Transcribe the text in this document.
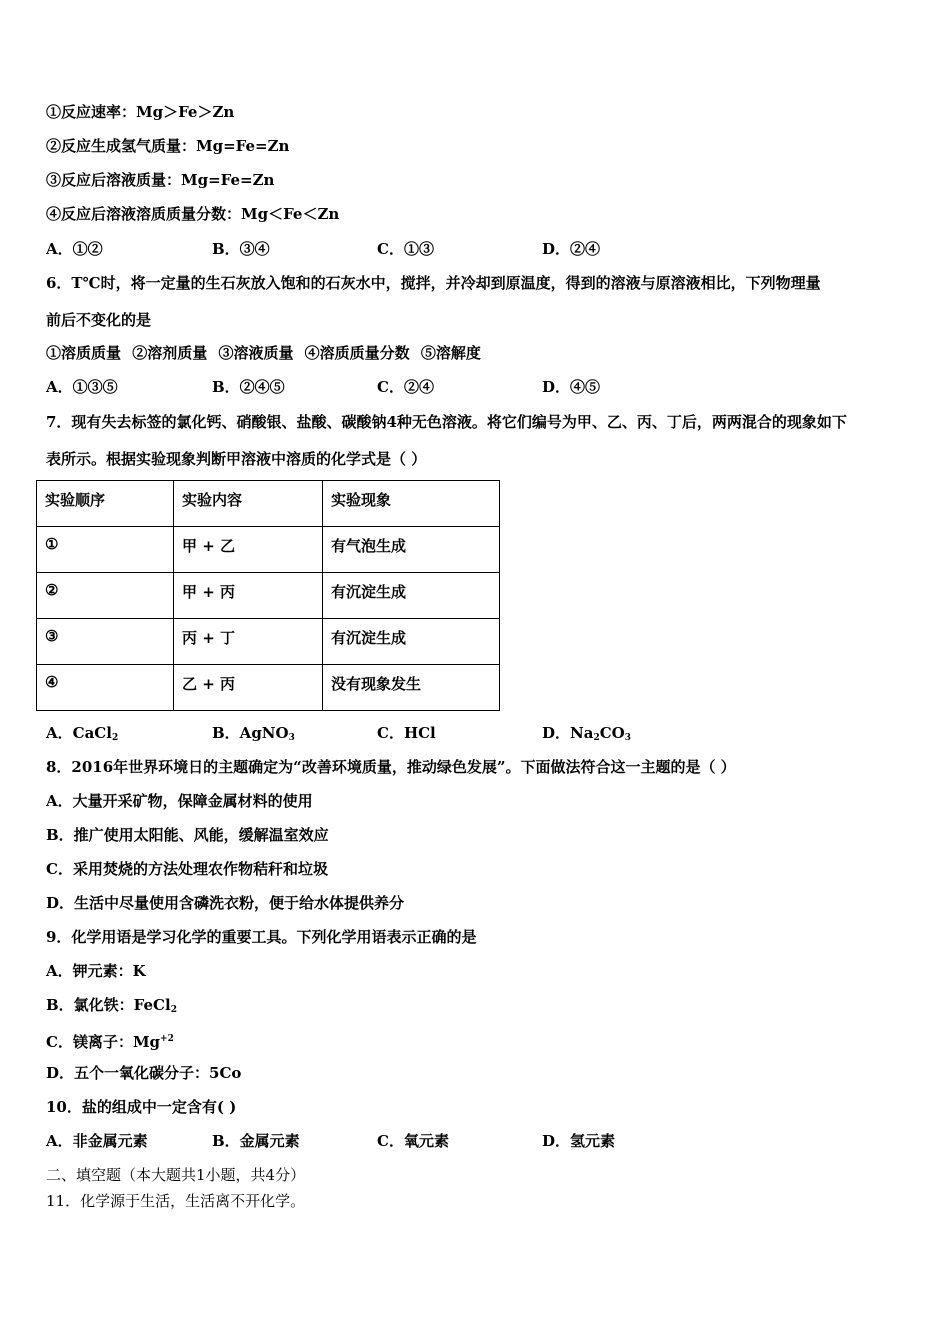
①反应速率：Mg＞Fe＞Zn
②反应生成氢气质量：Mg=Fe=Zn
③反应后溶液质量：Mg=Fe=Zn
④反应后溶液溶质质量分数：Mg＜Fe＜Zn
A．①②	B．③④	C．①③	D．②④
6．T℃时，将一定量的生石灰放入饱和的石灰水中，搅拌，并冷却到原温度，得到的溶液与原溶液相比，下列物理量
前后不变化的是
①溶质质量 ②溶剂质量 ③溶液质量 ④溶质质量分数 ⑤溶解度
A．①③⑤	B．②④⑤	C．②④	D．④⑤
7．现有失去标签的氯化钙、硝酸银、盐酸、碳酸钠4种无色溶液。将它们编号为甲、乙、丙、丁后，两两混合的现象如下
表所示。根据实验现象判断甲溶液中溶质的化学式是（ ）
实验顺序	实验内容	实验现象
①	甲 + 乙	有气泡生成
②	甲 + 丙	有沉淀生成
③	丙 + 丁	有沉淀生成
④	乙 + 丙	没有现象发生
A．CaCl$_2$	B．AgNO$_3$	C．HCl	D．$Na_2CO_3$
8．2016年世界环境日的主题确定为“改善环境质量，推动绿色发展”。下面做法符合这一主题的是（ ）
A．大量开采矿物，保障金属材料的使用
B．推广使用太阳能、风能，缓解温室效应
C．采用焚烧的方法处理农作物秸秆和垃圾
D．生活中尽量使用含磷洗衣粉，便于给水体提供养分
9．化学用语是学习化学的重要工具。下列化学用语表示正确的是
A．钾元素：K
B．氯化铁：FeCl$_2$
C．镁离子：$Mg^{+2}$
D．五个一氧化碳分子：5Co
10．盐的组成中一定含有( )
A．非金属元素	B．金属元素	C．氧元素	D．氢元素
二、填空题（本大题共1小题，共4分）
11．化学源于生活，生活离不开化学。
